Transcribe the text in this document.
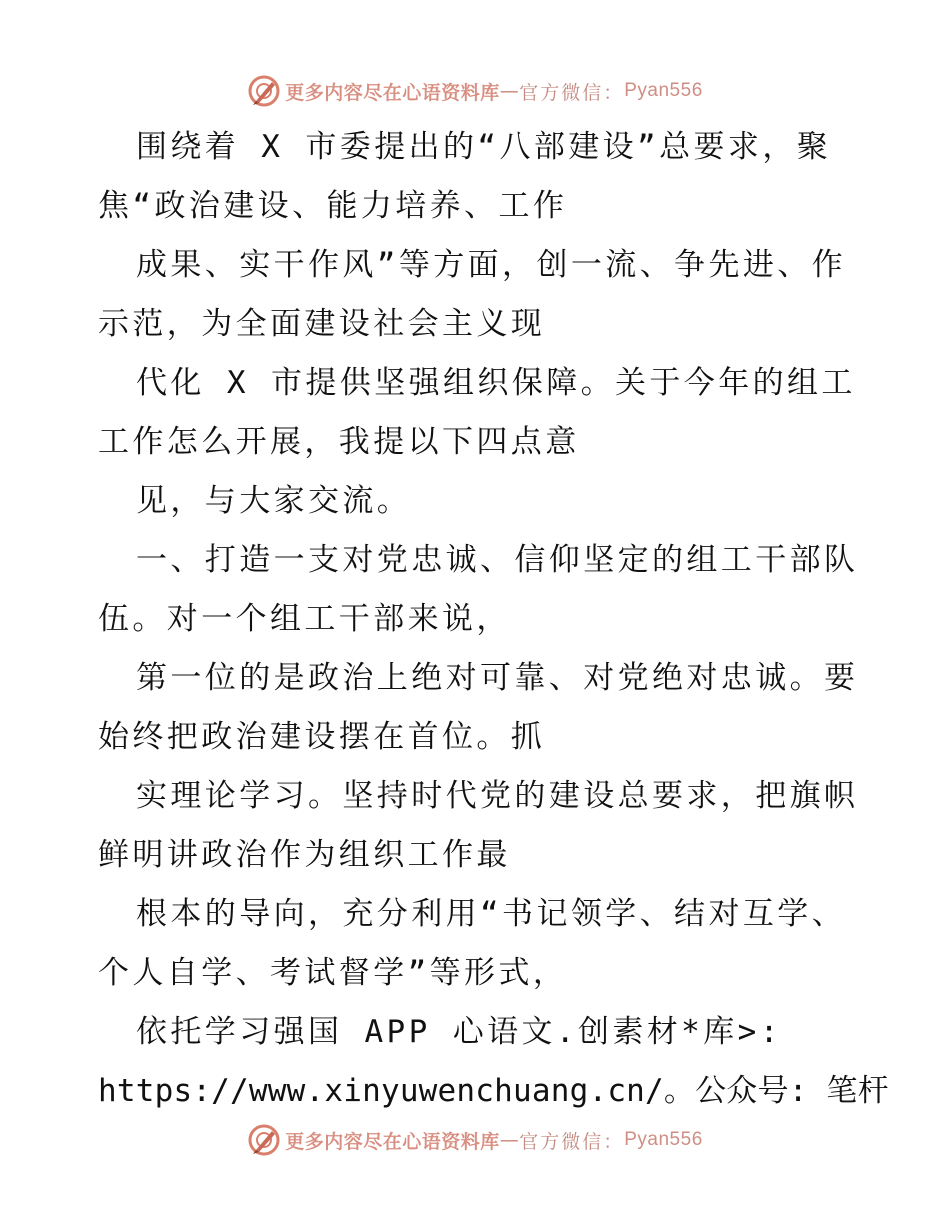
更多内容尽在心语资料库 — 官方微信： Pyan556
围绕着 X 市委提出的“八部建设”总要求，聚
焦“政治建设、能力培养、工作
成果、实干作风”等方面，创一流、争先进、作
示范，为全面建设社会主义现
代化 X 市提供坚强组织保障。关于今年的组工
工作怎么开展，我提以下四点意
见，与大家交流。
一、打造一支对党忠诚、信仰坚定的组工干部队
伍。对一个组工干部来说，
第一位的是政治上绝对可靠、对党绝对忠诚。要
始终把政治建设摆在首位。抓
实理论学习。坚持时代党的建设总要求，把旗帜
鲜明讲政治作为组织工作最
根本的导向，充分利用“书记领学、结对互学、
个人自学、考试督学”等形式，
依托学习强国 APP 心语文.创素材*库>:
https://www.xinyuwenchuang.cn/。公众号: 笔杆
更多内容尽在心语资料库 — 官方微信： Pyan556
